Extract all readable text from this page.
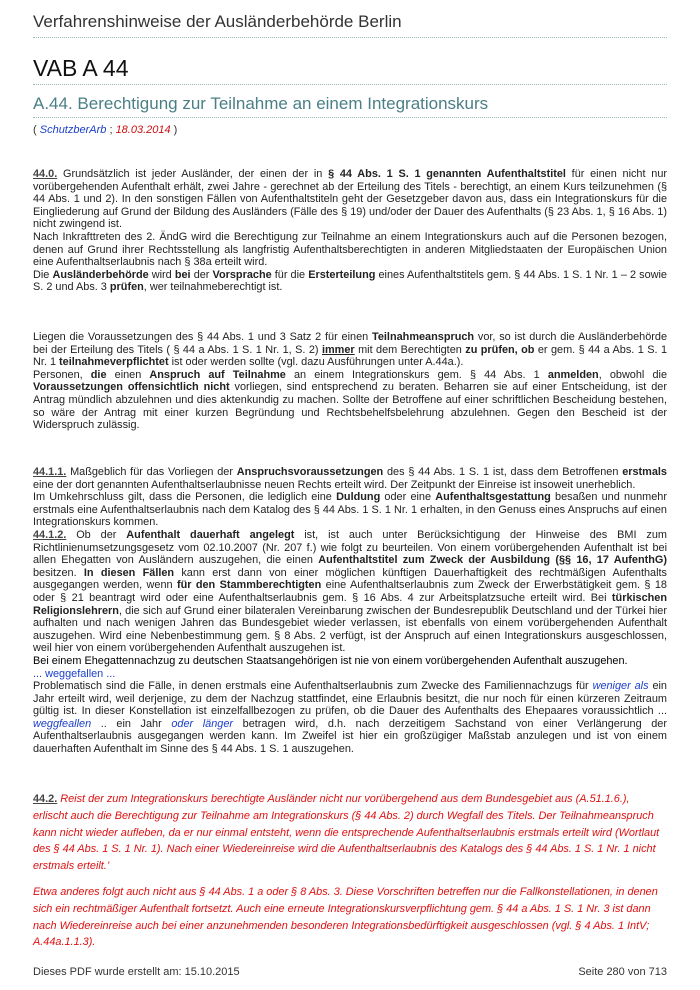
Verfahrenshinweise der Ausländerbehörde Berlin
VAB A 44
A.44. Berechtigung zur Teilnahme an einem Integrationskurs
( SchutzberArb ; 18.03.2014 )

44.0. Grundsätzlich ist jeder Ausländer, der einen der in § 44 Abs. 1 S. 1 genannten Aufenthaltstitel für einen nicht nur vorübergehenden Aufenthalt erhält, zwei Jahre - gerechnet ab der Erteilung des Titels - berechtigt, an einem Kurs teilzunehmen (§ 44 Abs. 1 und 2). In den sonstigen Fällen von Aufenthaltstiteln geht der Gesetzgeber davon aus, dass ein Integrationskurs für die Eingliederung auf Grund der Bildung des Ausländers (Fälle des § 19) und/oder der Dauer des Aufenthalts (§ 23 Abs. 1, § 16 Abs. 1) nicht zwingend ist.

Nach Inkrafttreten des 2. ÄndG wird die Berechtigung zur Teilnahme an einem Integrationskurs auch auf die Personen bezogen, denen auf Grund ihrer Rechtsstellung als langfristig Aufenthaltsberechtigten in anderen Mitgliedstaaten der Europäischen Union eine Aufenthaltserlaubnis nach § 38a erteilt wird.

Die Ausländerbehörde wird bei der Vorsprache für die Ersterteilung eines Aufenthaltstitels gem. § 44 Abs. 1 S. 1 Nr. 1 – 2 sowie S. 2 und Abs. 3 prüfen, wer teilnahmeberechtigt ist.

Liegen die Voraussetzungen des § 44 Abs. 1 und 3 Satz 2 für einen Teilnahmeanspruch vor, so ist durch die Ausländerbehörde bei der Erteilung des Titels ( § 44 a Abs. 1 S. 1 Nr. 1, S. 2) immer mit dem Berechtigten zu prüfen, ob er gem. § 44 a Abs. 1 S. 1 Nr. 1 teilnahmeverpflichtet ist oder werden sollte (vgl. dazu Ausführungen unter A.44a.).

Personen, die einen Anspruch auf Teilnahme an einem Integrationskurs gem. § 44 Abs. 1 anmelden, obwohl die Voraussetzungen offensichtlich nicht vorliegen, sind entsprechend zu beraten. Beharren sie auf einer Entscheidung, ist der Antrag mündlich abzulehnen und dies aktenkundig zu machen. Sollte der Betroffene auf einer schriftlichen Bescheidung bestehen, so wäre der Antrag mit einer kurzen Begründung und Rechtsbehelfsbelehrung abzulehnen. Gegen den Bescheid ist der Widerspruch zulässig.

44.1.1. Maßgeblich für das Vorliegen der Anspruchsvoraussetzungen des § 44 Abs. 1 S. 1 ist, dass dem Betroffenen erstmals eine der dort genannten Aufenthaltserlaubnisse neuen Rechts erteilt wird. Der Zeitpunkt der Einreise ist insoweit unerheblich.

Im Umkehrschluss gilt, dass die Personen, die lediglich eine Duldung oder eine Aufenthaltsgestattung besaßen und nunmehr erstmals eine Aufenthaltserlaubnis nach dem Katalog des § 44 Abs. 1 S. 1 Nr. 1 erhalten, in den Genuss eines Anspruchs auf einen Integrationskurs kommen.

44.1.2. Ob der Aufenthalt dauerhaft angelegt ist, ist auch unter Berücksichtigung der Hinweise des BMI zum Richtlinienumsetzungsgesetz vom 02.10.2007 (Nr. 207 f.) wie folgt zu beurteilen. Von einem vorübergehenden Aufenthalt ist bei allen Ehegatten von Ausländern auszugehen, die einen Aufenthaltstitel zum Zweck der Ausbildung (§§ 16, 17 AufenthG) besitzen. In diesen Fällen kann erst dann von einer möglichen künftigen Dauerhaftigkeit des rechtmäßigen Aufenthalts ausgegangen werden, wenn für den Stammberechtigten eine Aufenthaltserlaubnis zum Zweck der Erwerbstätigkeit gem. § 18 oder § 21 beantragt wird oder eine Aufenthaltserlaubnis gem. § 16 Abs. 4 zur Arbeitsplatzsuche erteilt wird. Bei türkischen Religionslehrern, die sich auf Grund einer bilateralen Vereinbarung zwischen der Bundesrepublik Deutschland und der Türkei hier aufhalten und nach wenigen Jahren das Bundesgebiet wieder verlassen, ist ebenfalls von einem vorübergehenden Aufenthalt auszugehen. Wird eine Nebenbestimmung gem. § 8 Abs. 2 verfügt, ist der Anspruch auf einen Integrationskurs ausgeschlossen, weil hier von einem vorübergehenden Aufenthalt auszugehen ist.

Bei einem Ehegattennachzug zu deutschen Staatsangehörigen ist nie von einem vorübergehenden Aufenthalt auszugehen.

... weggefallen ...

Problematisch sind die Fälle, in denen erstmals eine Aufenthaltserlaubnis zum Zwecke des Familiennachzugs für weniger als ein Jahr erteilt wird, weil derjenige, zu dem der Nachzug stattfindet, eine Erlaubnis besitzt, die nur noch für einen kürzeren Zeitraum gültig ist. In dieser Konstellation ist einzelfallbezogen zu prüfen, ob die Dauer des Aufenthalts des Ehepaares voraussichtlich ... weggfeallen .. ein Jahr oder länger betragen wird, d.h. nach derzeitigem Sachstand von einer Verlängerung der Aufenthaltserlaubnis ausgegangen werden kann. Im Zweifel ist hier ein großzügiger Maßstab anzulegen und ist von einem dauerhaften Aufenthalt im Sinne des § 44 Abs. 1 S. 1 auszugehen.

44.2. Reist der zum Integrationskurs berechtigte Ausländer nicht nur vorübergehend aus dem Bundesgebiet aus (A.51.1.6.), erlischt auch die Berechtigung zur Teilnahme am Integrationskurs (§ 44 Abs. 2) durch Wegfall des Titels. Der Teilnahmeanspruch kann nicht wieder aufleben, da er nur einmal entsteht, wenn die entsprechende Aufenthaltserlaubnis erstmals erteilt wird (Wortlaut des § 44 Abs. 1 S. 1 Nr. 1). Nach einer Wiedereinreise wird die Aufenthaltserlaubnis des Katalogs des § 44 Abs. 1 S. 1 Nr. 1 nicht erstmals erteilt.’

Etwa anderes folgt auch nicht aus § 44 Abs. 1 a oder § 8 Abs. 3. Diese Vorschriften betreffen nur die Fallkonstellationen, in denen sich ein rechtmäßiger Aufenthalt fortsetzt. Auch eine erneute Integrationskursverpflichtung gem. § 44 a Abs. 1 S. 1 Nr. 3 ist dann nach Wiedereinreise auch bei einer anzunehmenden besonderen Integrationsbedürftigkeit ausgeschlossen (vgl. § 4 Abs. 1 IntV; A.44a.1.1.3).

Dieses PDF wurde erstellt am: 15.10.2015	Seite 280 von 713
